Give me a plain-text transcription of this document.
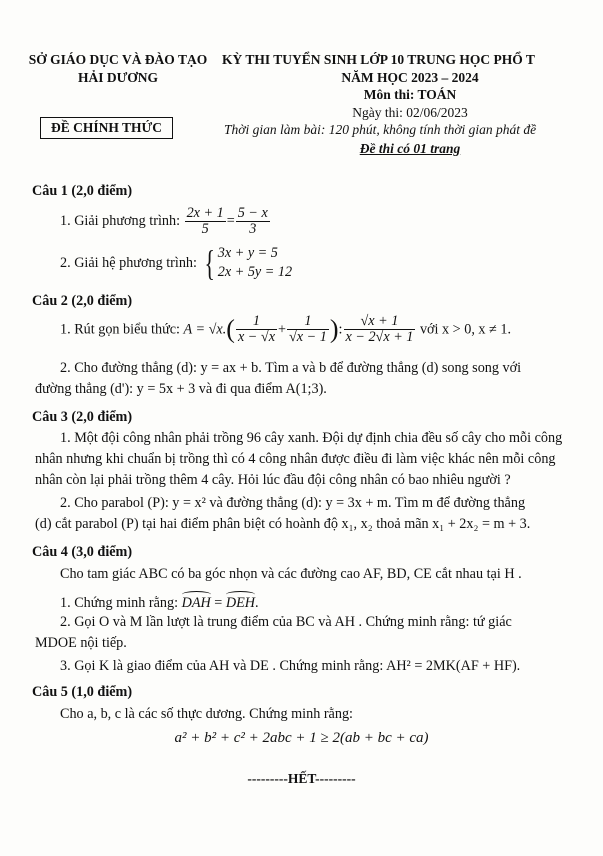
SỞ GIÁO DỤC VÀ ĐÀO TẠO
HẢI DƯƠNG
ĐỀ CHÍNH THỨC
KỲ THI TUYỂN SINH LỚP 10 TRUNG HỌC PHỔ T
NĂM HỌC 2023 – 2024
Môn thi: TOÁN
Ngày thi: 02/06/2023
Thời gian làm bài: 120 phút, không tính thời gian phát đề
Đề thi có 01 trang
Câu 1 (2,0 điểm)
1. Giải phương trình: $\frac{2x + 1}{5} = \frac{5 - x}{3}$
2. Giải hệ phương trình: { 3x + y = 5
2x + 5y = 12
Câu 2 (2,0 điểm)
1. Rút gọn biểu thức: $A = √x.( \frac{1}{x - √x} + \frac{1}{√x - 1}$ ): $\frac{√x + 1}{x - 2√x + 1}$ với x > 0, x ≠ 1.
2. Cho đường thẳng (d): y = ax + b. Tìm a và b để đường thẳng (d) song song với
đường thẳng (d'): y = 5x + 3 và đi qua điểm A(1;3).
Câu 3 (2,0 điểm)
1. Một đội công nhân phải trồng 96 cây xanh. Đội dự định chia đều số cây cho mỗi công
nhân nhưng khi chuẩn bị trồng thì có 4 công nhân được điều đi làm việc khác nên mỗi công
nhân còn lại phải trồng thêm 4 cây. Hỏi lúc đầu đội công nhân có bao nhiêu người ?
2. Cho parabol (P): y = x² và đường thẳng (d): y = 3x + m. Tìm m để đường thẳng
(d) cắt parabol (P) tại hai điểm phân biệt có hoành độ x₁, x₂ thoả mãn x₁ + 2x₂ = m + 3.
Câu 4 (3,0 điểm)
Cho tam giác ABC có ba góc nhọn và các đường cao AF, BD, CE cắt nhau tại H .
1. Chứng minh rằng: DAH = DEH.
2. Gọi O và M lần lượt là trung điểm của BC và AH . Chứng minh rằng: tứ giác
MDOE nội tiếp.
3. Gọi K là giao điểm của AH và DE . Chứng minh rằng: AH² = 2MK(AF + HF).
Câu 5 (1,0 điểm)
Cho a, b, c là các số thực dương. Chứng minh rằng:
a² + b² + c² + 2abc + 1 ≥ 2(ab + bc + ca)
---------HẾT---------
